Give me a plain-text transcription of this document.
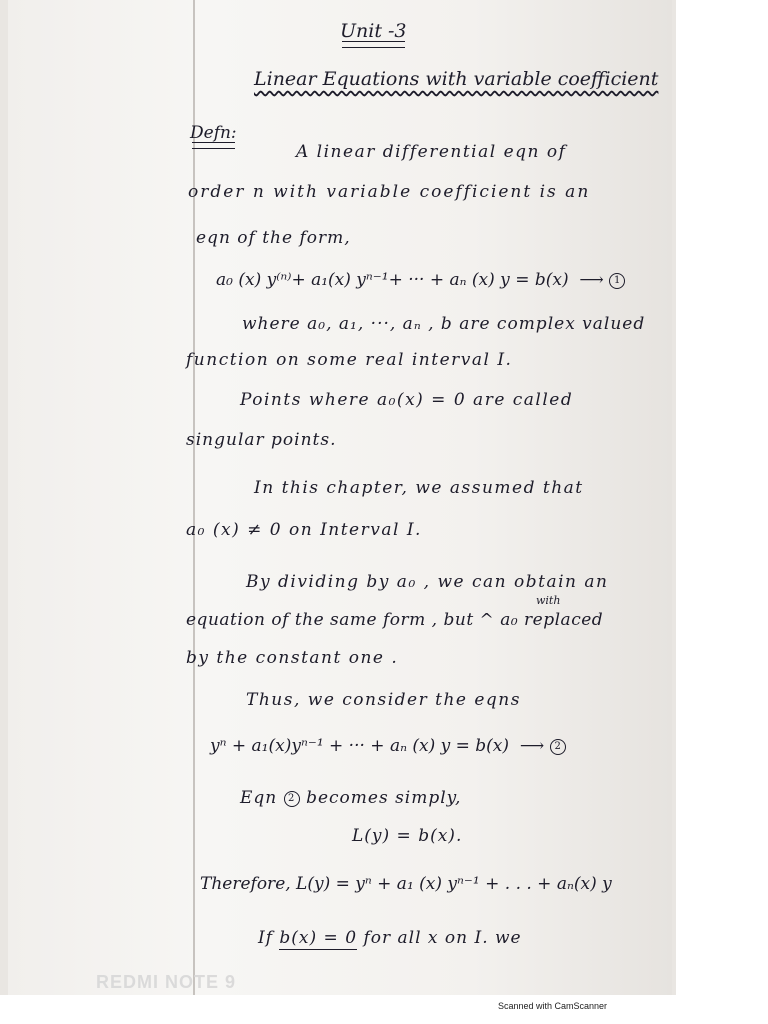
Unit -3
Linear Equations with variable coefficient
Defn:
A linear differential eqn of
order n with variable coefficient is an
eqn of the form,
a₀ (x) y⁽ⁿ⁾+ a₁(x) yⁿ⁻¹+ ··· + aₙ (x) y = b(x)  ⟶ 1
where a₀, a₁, ···, aₙ , b are complex valued
function on some real interval I.
Points where a₀(x) = 0 are called
singular points.
In this chapter, we assumed that
a₀ (x) ≠ 0 on Interval I.
By dividing by a₀ , we can obtain an
with
equation of the same form , but ^ a₀ replaced
by the constant one .
Thus, we consider the eqns
yⁿ + a₁(x)yⁿ⁻¹ + ··· + aₙ (x) y = b(x)  ⟶ 2
Eqn 2 becomes simply,
L(y) = b(x).
Therefore, L(y) = yⁿ + a₁ (x) yⁿ⁻¹ + . . . + aₙ(x) y
If b(x) = 0 for all x on I. we
REDMI NOTE 9
Scanned with CamScanner
